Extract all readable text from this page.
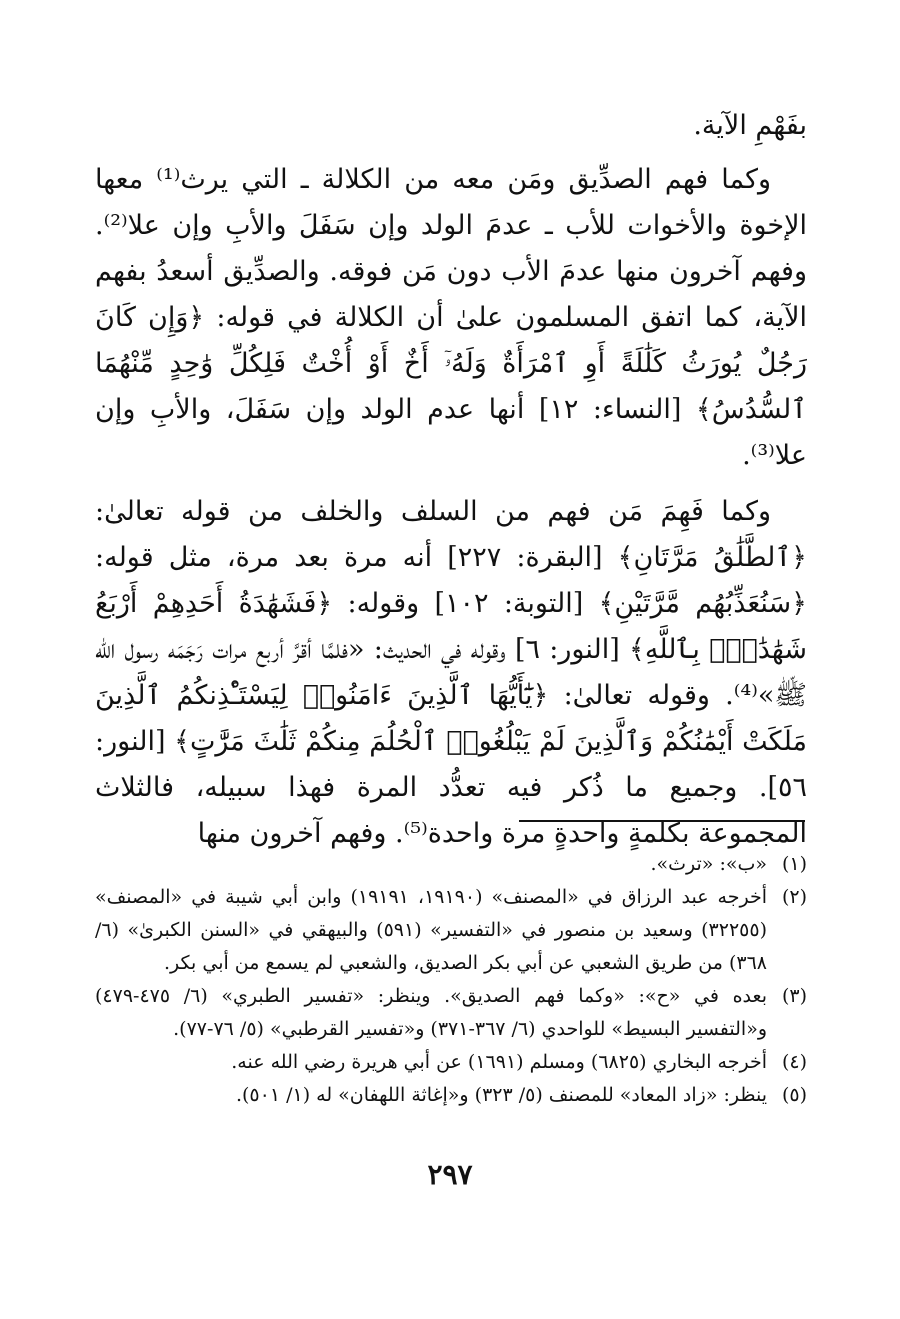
بفَهْمِ الآية.

وكما فهم الصدِّيق ومَن معه من الكلالة ـ التي يرث⁽¹⁾ معها الإخوة والأخوات للأب ـ عدمَ الولد وإن سَفَلَ والأبِ وإن علا⁽²⁾. وفهم آخرون منها عدمَ الأب دون مَن فوقه. والصدِّيق أسعدُ بفهم الآية، كما اتفق المسلمون علىٰ أن الكلالة في قوله: ﴿وَإِن كَانَ رَجُلٌ يُورَثُ كَلَٰلَةً أَوِ ٱمْرَأَةٌ وَلَهُۥٓ أَخٌ أَوْ أُخْتٌ فَلِكُلِّ وَٰحِدٍ مِّنْهُمَا ٱلسُّدُسُ﴾ [النساء: ١٢] أنها عدم الولد وإن سَفَلَ، والأبِ وإن علا⁽³⁾.

وكما فَهِمَ مَن فهم من السلف والخلف من قوله تعالىٰ: ﴿ٱلطَّلَٰقُ مَرَّتَانِ﴾ [البقرة: ٢٢٧] أنه مرة بعد مرة، مثل قوله: ﴿سَنُعَذِّبُهُم مَّرَّتَيْنِ﴾ [التوبة: ١٠٢] وقوله: ﴿فَشَهَٰدَةُ أَحَدِهِمْ أَرْبَعُ شَهَٰدَٰتٍۭ بِٱللَّهِ﴾ [النور: ٦] وقوله في الحديث: «فلمَّا أقرَّ أربع مرات رَجَمَه رسول الله ﷺ»⁽⁴⁾. وقوله تعالىٰ: ﴿يَٰٓأَيُّهَا ٱلَّذِينَ ءَامَنُوا۟ لِيَسْتَـْٔذِنكُمُ ٱلَّذِينَ مَلَكَتْ أَيْمَٰنُكُمْ وَٱلَّذِينَ لَمْ يَبْلُغُوا۟ ٱلْحُلُمَ مِنكُمْ ثَلَٰثَ مَرَّٰتٍ﴾ [النور: ٥٦]. وجميع ما ذُكر فيه تعدُّد المرة فهذا سبيله، فالثلاث المجموعة بكلمةٍ واحدةٍ مرة واحدة⁽⁵⁾. وفهم آخرون منها

(١)
«ب»: «ترث».
(٢)
أخرجه عبد الرزاق في «المصنف» (١٩١٩٠، ١٩١٩١) وابن أبي شيبة في «المصنف» (٣٢٢٥٥) وسعيد بن منصور في «التفسير» (٥٩١) والبيهقي في «السنن الكبرىٰ» (٦/ ٣٦٨) من طريق الشعبي عن أبي بكر الصديق، والشعبي لم يسمع من أبي بكر.
(٣)
بعده في «ح»: «وكما فهم الصديق». وينظر: «تفسير الطبري» (٦/ ٤٧٥-٤٧٩) و«التفسير البسيط» للواحدي (٦/ ٣٦٧-٣٧١) و«تفسير القرطبي» (٥/ ٧٦-٧٧).
(٤)
أخرجه البخاري (٦٨٢٥) ومسلم (١٦٩١) عن أبي هريرة رضي الله عنه.
(٥)
ينظر: «زاد المعاد» للمصنف (٥/ ٣٢٣) و«إغاثة اللهفان» له (١/ ٥٠١).
٢٩٧
